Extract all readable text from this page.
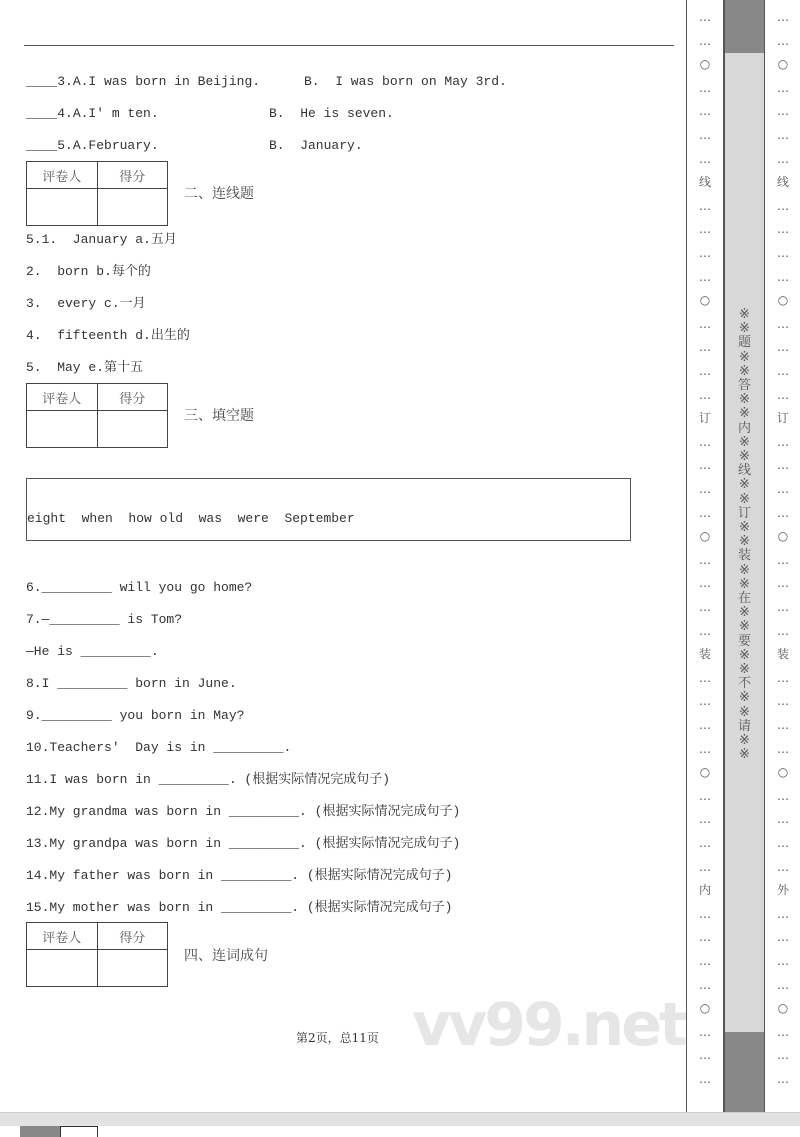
____3.A.I was born in Beijing.	B.  I was born on May 3rd.
____4.A.I' m ten.	B.  He is seven.
____5.A.February.	B.  January.
评卷人	得分

二、连线题
5.1.  January a.五月
2.  born b.每个的
3.  every c.一月
4.  fifteenth d.出生的
5.  May e.第十五
评卷人	得分

三、填空题
eight  when  how old  was  were  September
6._________ will you go home?
7.—_________ is Tom?
—He is _________.
8.I _________ born in June.
9._________ you born in May?
10.Teachers'  Day is in _________.
11.I was born in _________. (根据实际情况完成句子)
12.My grandma was born in _________. (根据实际情况完成句子)
13.My grandpa was born in _________. (根据实际情况完成句子)
14.My father was born in _________. (根据实际情况完成句子)
15.My mother was born in _________. (根据实际情况完成句子)
评卷人	得分

四、连词成句
vv99.net
第2页，总11页
…
…
○
…
…
…
…
线
…
…
…
…
○
…
…
…
…
订
…
…
…
…
○
…
…
…
…
装
…
…
…
…
○
…
…
…
…
内
…
…
…
…
○
…
…
…
※※题※※答※※内※※线※※订※※装※※在※※要※※不※※请※※
…
…
○
…
…
…
…
线
…
…
…
…
○
…
…
…
…
订
…
…
…
…
○
…
…
…
…
装
…
…
…
…
○
…
…
…
…
外
…
…
…
…
○
…
…
…
